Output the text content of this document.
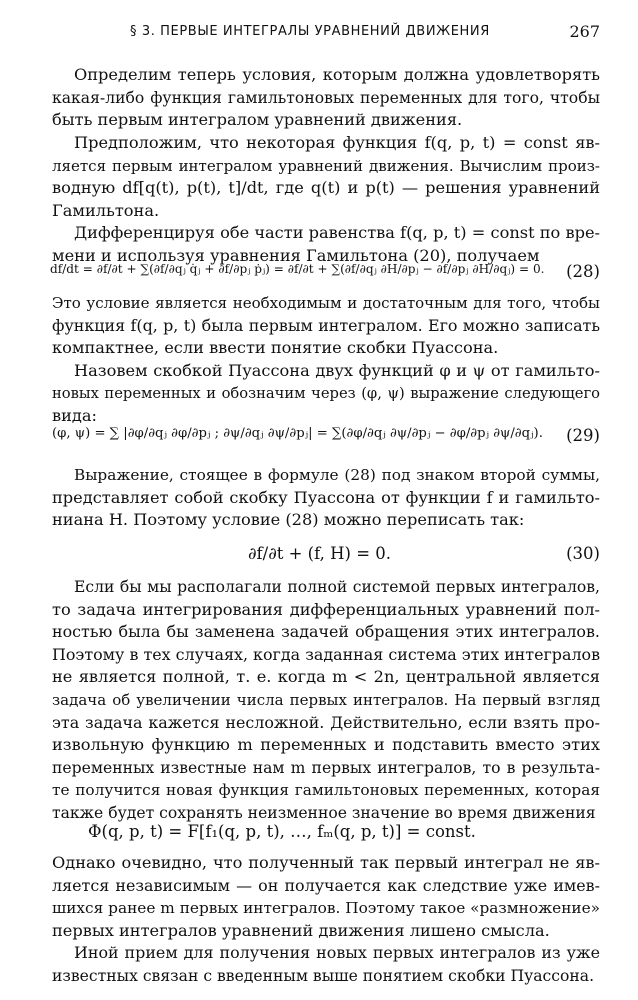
§ 3. ПЕРВЫЕ ИНТЕГРАЛЫ УРАВНЕНИЙ ДВИЖЕНИЯ	267
Определим теперь условия, которым должна удовлетворять
какая-либо функция гамильтоновых переменных для того, чтобы
быть первым интегралом уравнений движения.
Предположим, что некоторая функция f(q, p, t) = const яв-
ляется первым интегралом уравнений движения. Вычислим произ-
водную df[q(t), p(t), t]/dt, где q(t) и p(t) — решения уравнений
Гамильтона.
Дифференцируя обе части равенства f(q, p, t) = const по вре-
мени и используя уравнения Гамильтона (20), получаем
df/dt = ∂f/∂t + ∑(∂f/∂qⱼ q̇ⱼ + ∂f/∂pⱼ ṗⱼ) = ∂f/∂t + ∑(∂f/∂qⱼ ∂H/∂pⱼ − ∂f/∂pⱼ ∂H/∂qⱼ) = 0. (28)
Это условие является необходимым и достаточным для того, чтобы
функция f(q, p, t) была первым интегралом. Его можно записать
компактнее, если ввести понятие скобки Пуассона.
Назовем скобкой Пуассона двух функций φ и ψ от гамильто-
новых переменных и обозначим через (φ, ψ) выражение следующего
вида:
(φ, ψ) = ∑ |∂φ/∂qⱼ ∂φ/∂pⱼ ; ∂ψ/∂qⱼ ∂ψ/∂pⱼ| = ∑(∂φ/∂qⱼ ∂ψ/∂pⱼ − ∂φ/∂pⱼ ∂ψ/∂qⱼ). (29)
Выражение, стоящее в формуле (28) под знаком второй суммы,
представляет собой скобку Пуассона от функции f и гамильто-
ниана H. Поэтому условие (28) можно переписать так:
∂f/∂t + (f, H) = 0.	(30)
Если бы мы располагали полной системой первых интегралов,
то задача интегрирования дифференциальных уравнений пол-
ностью была бы заменена задачей обращения этих интегралов.
Поэтому в тех случаях, когда заданная система этих интегралов
не является полной, т. е. когда m < 2n, центральной является
задача об увеличении числа первых интегралов. На первый взгляд
эта задача кажется несложной. Действительно, если взять про-
извольную функцию m переменных и подставить вместо этих
переменных известные нам m первых интегралов, то в результа-
те получится новая функция гамильтоновых переменных, которая
также будет сохранять неизменное значение во время движения
Φ(q, p, t) = F[f₁(q, p, t), …, fₘ(q, p, t)] = const.
Однако очевидно, что полученный так первый интеграл не яв-
ляется независимым — он получается как следствие уже имев-
шихся ранее m первых интегралов. Поэтому такое «размножение»
первых интегралов уравнений движения лишено смысла.
Иной прием для получения новых первых интегралов из уже
известных связан с введенным выше понятием скобки Пуассона.
